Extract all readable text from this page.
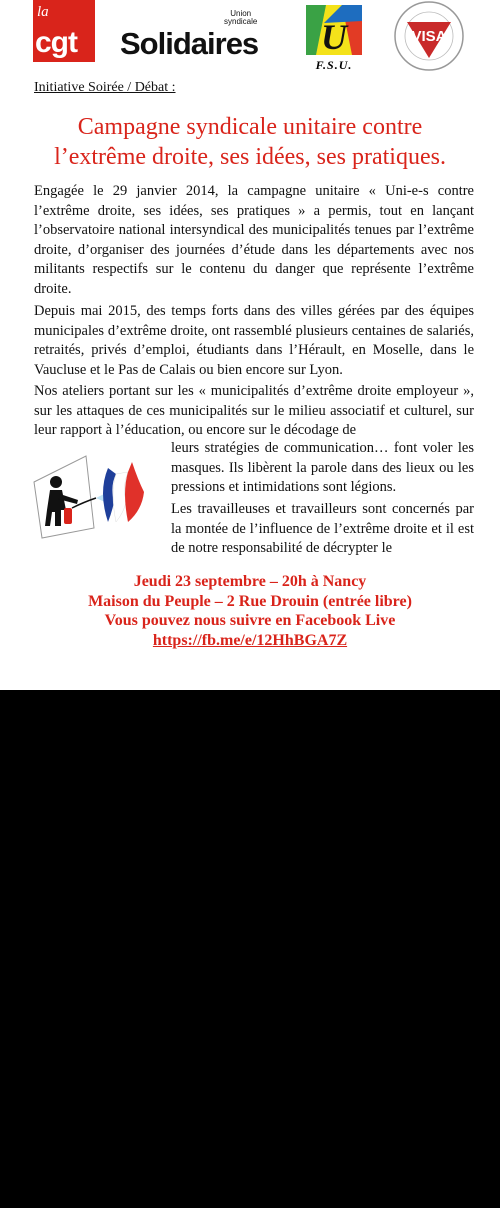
la
cgt
Union
syndicale
Solidaires U
F.S.U.
VISA
Initiative Soirée / Débat :
Campagne syndicale unitaire contre
l’extrême droite, ses idées, ses pratiques.

Engagée le 29 janvier 2014, la campagne unitaire « Uni-e-s contre l’extrême droite, ses idées, ses pratiques » a permis, tout en lançant l’observatoire national intersyndical des municipalités tenues par l’extrême droite, d’organiser des journées d’étude dans les départements avec nos militants respectifs sur le contenu du danger que représente l’extrême droite.

Depuis mai 2015, des temps forts dans des villes gérées par des équipes municipales d’extrême droite, ont rassemblé plusieurs centaines de salariés, retraités, privés d’emploi, étudiants dans l’Hérault, en Moselle, dans le Vaucluse et le Pas de Calais ou bien encore sur Lyon.

Nos ateliers portant sur les « municipalités d’extrême droite employeur », sur les attaques de ces municipalités sur le milieu associatif et culturel, sur leur rapport à l’éducation, ou encore sur le décodage de

leurs stratégies de communication… font voler les masques. Ils libèrent la parole dans des lieux ou les pressions et intimidations sont légions.

Les travailleuses et travailleurs sont concernés par la montée de l’influence de l’extrême droite et il est de notre responsabilité de décrypter le

Jeudi 23 septembre – 20h à Nancy
Maison du Peuple – 2 Rue Drouin (entrée libre)
Vous pouvez nous suivre en Facebook Live
https://fb.me/e/12HhBGA7Z
